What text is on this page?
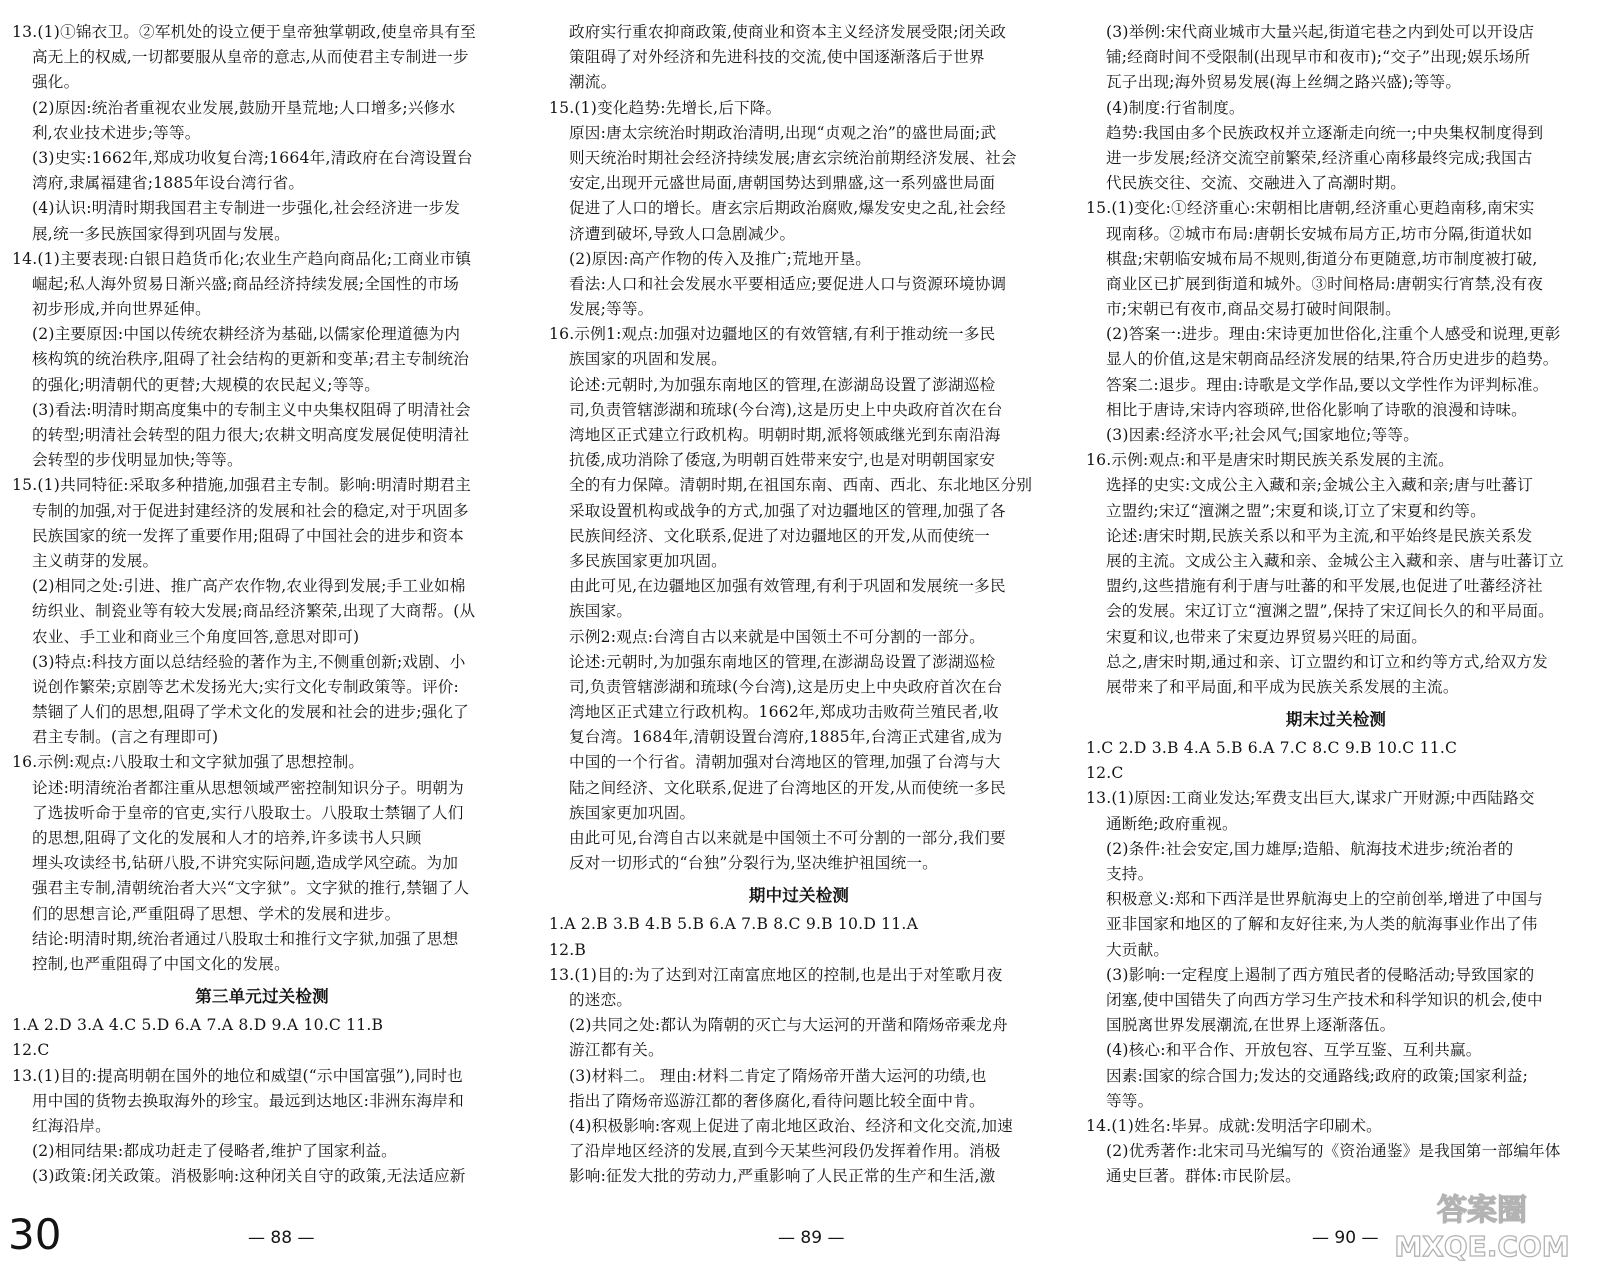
13.(1)①锦衣卫。②军机处的设立便于皇帝独掌朝政,使皇帝具有至
高无上的权威,一切都要服从皇帝的意志,从而使君主专制进一步
强化。
(2)原因:统治者重视农业发展,鼓励开垦荒地;人口增多;兴修水
利,农业技术进步;等等。
(3)史实:1662年,郑成功收复台湾;1664年,清政府在台湾设置台
湾府,隶属福建省;1885年设台湾行省。
(4)认识:明清时期我国君主专制进一步强化,社会经济进一步发
展,统一多民族国家得到巩固与发展。
14.(1)主要表现:白银日趋货币化;农业生产趋向商品化;工商业市镇
崛起;私人海外贸易日渐兴盛;商品经济持续发展;全国性的市场
初步形成,并向世界延伸。
(2)主要原因:中国以传统农耕经济为基础,以儒家伦理道德为内
核构筑的统治秩序,阻碍了社会结构的更新和变革;君主专制统治
的强化;明清朝代的更替;大规模的农民起义;等等。
(3)看法:明清时期高度集中的专制主义中央集权阻碍了明清社会
的转型;明清社会转型的阻力很大;农耕文明高度发展促使明清社
会转型的步伐明显加快;等等。
15.(1)共同特征:采取多种措施,加强君主专制。影响:明清时期君主
专制的加强,对于促进封建经济的发展和社会的稳定,对于巩固多
民族国家的统一发挥了重要作用;阻碍了中国社会的进步和资本
主义萌芽的发展。
(2)相同之处:引进、推广高产农作物,农业得到发展;手工业如棉
纺织业、制瓷业等有较大发展;商品经济繁荣,出现了大商帮。(从
农业、手工业和商业三个角度回答,意思对即可)
(3)特点:科技方面以总结经验的著作为主,不侧重创新;戏剧、小
说创作繁荣;京剧等艺术发扬光大;实行文化专制政策等。评价:
禁锢了人们的思想,阻碍了学术文化的发展和社会的进步;强化了
君主专制。(言之有理即可)
16.示例:观点:八股取士和文字狱加强了思想控制。
论述:明清统治者都注重从思想领域严密控制知识分子。明朝为
了选拔听命于皇帝的官吏,实行八股取士。八股取士禁锢了人们
的思想,阻碍了文化的发展和人才的培养,许多读书人只顾
埋头攻读经书,钻研八股,不讲究实际问题,造成学风空疏。为加
强君主专制,清朝统治者大兴“文字狱”。文字狱的推行,禁锢了人
们的思想言论,严重阻碍了思想、学术的发展和进步。
结论:明清时期,统治者通过八股取士和推行文字狱,加强了思想
控制,也严重阻碍了中国文化的发展。
第三单元过关检测
1.A 2.D 3.A 4.C 5.D 6.A 7.A 8.D 9.A 10.C 11.B
12.C
13.(1)目的:提高明朝在国外的地位和威望(“示中国富强”),同时也
用中国的货物去换取海外的珍宝。最远到达地区:非洲东海岸和
红海沿岸。
(2)相同结果:都成功赶走了侵略者,维护了国家利益。
(3)政策:闭关政策。消极影响:这种闭关自守的政策,无法适应新
政府实行重农抑商政策,使商业和资本主义经济发展受限;闭关政
策阻碍了对外经济和先进科技的交流,使中国逐渐落后于世界
潮流。
15.(1)变化趋势:先增长,后下降。
原因:唐太宗统治时期政治清明,出现“贞观之治”的盛世局面;武
则天统治时期社会经济持续发展;唐玄宗统治前期经济发展、社会
安定,出现开元盛世局面,唐朝国势达到鼎盛,这一系列盛世局面
促进了人口的增长。唐玄宗后期政治腐败,爆发安史之乱,社会经
济遭到破坏,导致人口急剧减少。
(2)原因:高产作物的传入及推广;荒地开垦。
看法:人口和社会发展水平要相适应;要促进人口与资源环境协调
发展;等等。
16.示例1:观点:加强对边疆地区的有效管辖,有利于推动统一多民
族国家的巩固和发展。
论述:元朝时,为加强东南地区的管理,在澎湖岛设置了澎湖巡检
司,负责管辖澎湖和琉球(今台湾),这是历史上中央政府首次在台
湾地区正式建立行政机构。明朝时期,派将领戚继光到东南沿海
抗倭,成功消除了倭寇,为明朝百姓带来安宁,也是对明朝国家安
全的有力保障。清朝时期,在祖国东南、西南、西北、东北地区分别
采取设置机构或战争的方式,加强了对边疆地区的管理,加强了各
民族间经济、文化联系,促进了对边疆地区的开发,从而使统一
多民族国家更加巩固。
由此可见,在边疆地区加强有效管理,有利于巩固和发展统一多民
族国家。
示例2:观点:台湾自古以来就是中国领土不可分割的一部分。
论述:元朝时,为加强东南地区的管理,在澎湖岛设置了澎湖巡检
司,负责管辖澎湖和琉球(今台湾),这是历史上中央政府首次在台
湾地区正式建立行政机构。1662年,郑成功击败荷兰殖民者,收
复台湾。1684年,清朝设置台湾府,1885年,台湾正式建省,成为
中国的一个行省。清朝加强对台湾地区的管理,加强了台湾与大
陆之间经济、文化联系,促进了台湾地区的开发,从而使统一多民
族国家更加巩固。
由此可见,台湾自古以来就是中国领土不可分割的一部分,我们要
反对一切形式的“台独”分裂行为,坚决维护祖国统一。
期中过关检测
1.A 2.B 3.B 4.B 5.B 6.A 7.B 8.C 9.B 10.D 11.A
12.B
13.(1)目的:为了达到对江南富庶地区的控制,也是出于对笙歌月夜
的迷恋。
(2)共同之处:都认为隋朝的灭亡与大运河的开凿和隋炀帝乘龙舟
游江都有关。
(3)材料二。 理由:材料二肯定了隋炀帝开凿大运河的功绩,也
指出了隋炀帝巡游江都的奢侈腐化,看待问题比较全面中肯。
(4)积极影响:客观上促进了南北地区政治、经济和文化交流,加速
了沿岸地区经济的发展,直到今天某些河段仍发挥着作用。消极
影响:征发大批的劳动力,严重影响了人民正常的生产和生活,激
(3)举例:宋代商业城市大量兴起,街道宅巷之内到处可以开设店
铺;经商时间不受限制(出现早市和夜市);“交子”出现;娱乐场所
瓦子出现;海外贸易发展(海上丝绸之路兴盛);等等。
(4)制度:行省制度。
趋势:我国由多个民族政权并立逐渐走向统一;中央集权制度得到
进一步发展;经济交流空前繁荣,经济重心南移最终完成;我国古
代民族交往、交流、交融进入了高潮时期。
15.(1)变化:①经济重心:宋朝相比唐朝,经济重心更趋南移,南宋实
现南移。②城市布局:唐朝长安城布局方正,坊市分隔,街道状如
棋盘;宋朝临安城布局不规则,街道分布更随意,坊市制度被打破,
商业区已扩展到街道和城外。③时间格局:唐朝实行宵禁,没有夜
市;宋朝已有夜市,商品交易打破时间限制。
(2)答案一:进步。理由:宋诗更加世俗化,注重个人感受和说理,更彰
显人的价值,这是宋朝商品经济发展的结果,符合历史进步的趋势。
答案二:退步。理由:诗歌是文学作品,要以文学性作为评判标准。
相比于唐诗,宋诗内容琐碎,世俗化影响了诗歌的浪漫和诗味。
(3)因素:经济水平;社会风气;国家地位;等等。
16.示例:观点:和平是唐宋时期民族关系发展的主流。
选择的史实:文成公主入藏和亲;金城公主入藏和亲;唐与吐蕃订
立盟约;宋辽“澶渊之盟”;宋夏和谈,订立了宋夏和约等。
论述:唐宋时期,民族关系以和平为主流,和平始终是民族关系发
展的主流。文成公主入藏和亲、金城公主入藏和亲、唐与吐蕃订立
盟约,这些措施有利于唐与吐蕃的和平发展,也促进了吐蕃经济社
会的发展。宋辽订立“澶渊之盟”,保持了宋辽间长久的和平局面。
宋夏和议,也带来了宋夏边界贸易兴旺的局面。
总之,唐宋时期,通过和亲、订立盟约和订立和约等方式,给双方发
展带来了和平局面,和平成为民族关系发展的主流。
期末过关检测
1.C 2.D 3.B 4.A 5.B 6.A 7.C 8.C 9.B 10.C 11.C
12.C
13.(1)原因:工商业发达;军费支出巨大,谋求广开财源;中西陆路交
通断绝;政府重视。
(2)条件:社会安定,国力雄厚;造船、航海技术进步;统治者的
支持。
积极意义:郑和下西洋是世界航海史上的空前创举,增进了中国与
亚非国家和地区的了解和友好往来,为人类的航海事业作出了伟
大贡献。
(3)影响:一定程度上遏制了西方殖民者的侵略活动;导致国家的
闭塞,使中国错失了向西方学习生产技术和科学知识的机会,使中
国脱离世界发展潮流,在世界上逐渐落伍。
(4)核心:和平合作、开放包容、互学互鉴、互利共赢。
因素:国家的综合国力;发达的交通路线;政府的政策;国家利益;
等等。
14.(1)姓名:毕昇。成就:发明活字印刷术。
(2)优秀著作:北宋司马光编写的《资治通鉴》是我国第一部编年体
通史巨著。群体:市民阶层。
30	— 88 —	— 89 —	— 90 —
答案圈
MXQE.COM
